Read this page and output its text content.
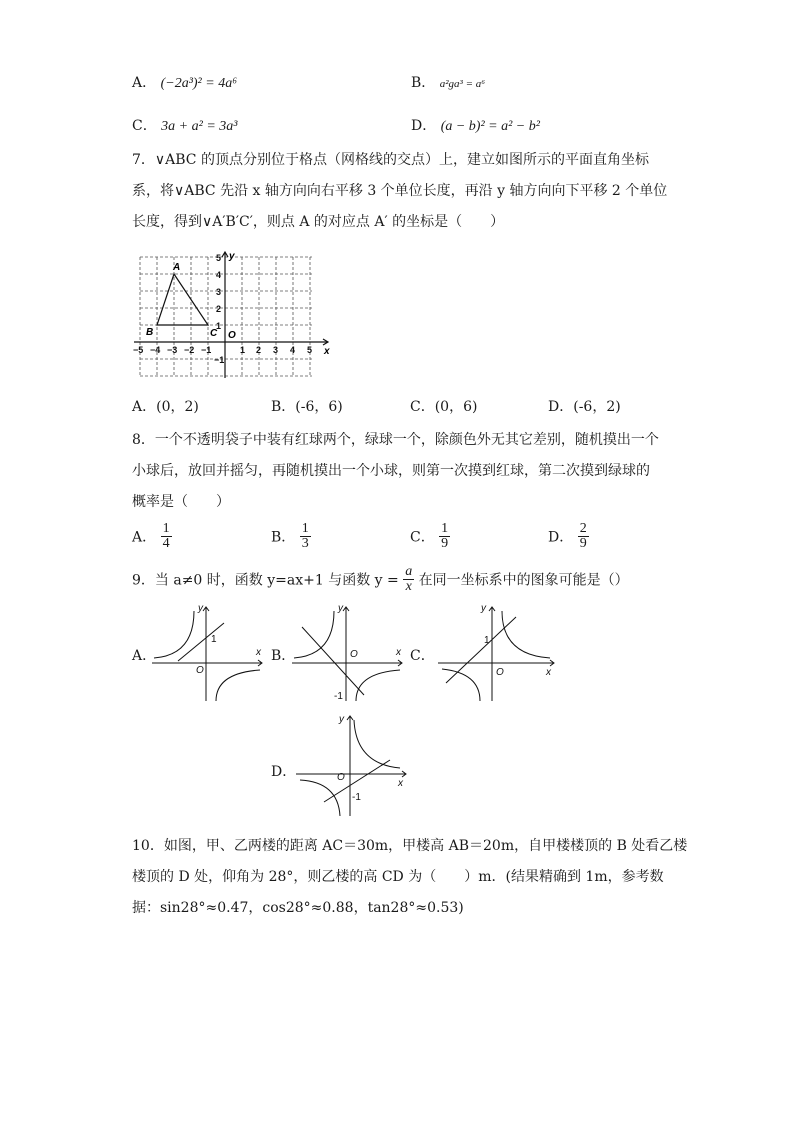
A． (−2a³)² = 4a⁶	B． a²ga³ = a⁶
C． 3a + a² = 3a³	D． (a − b)² = a² − b²
7．∨ABC 的顶点分别位于格点（网格线的交点）上，建立如图所示的平面直角坐标
系，将∨ABC 先沿 x 轴方向向右平移 3 个单位长度，再沿 y 轴方向向下平移 2 个单位
长度，得到∨A′B′C′，则点 A 的对应点 A′ 的坐标是（　　）
y
x
O
A
B	C
−5 −4 −3 −2 −1	1 2 3 4 5
5
4
3
2
1
−1
A．(0，2)	B．(-6，6)	C．(0，6)	D．(-6，2)
8．一个不透明袋子中装有红球两个，绿球一个，除颜色外无其它差别，随机摸出一个
小球后，放回并摇匀，再随机摸出一个小球，则第一次摸到红球，第二次摸到绿球的
概率是（　　）
A． $\frac{1}{4}$	B． $\frac{1}{3}$	C． $\frac{1}{9}$	D． $\frac{2}{9}$
9．当 a≠0 时，函数 y=ax+1 与函数 $y = \frac{a}{x}$ 在同一坐标系中的图象可能是（）
A．
y
x
O
1
B．
y
x
O
-1
C．
y
x
O
1
D．
y
x
O
-1
10．如图，甲、乙两楼的距离 AC＝30m，甲楼高 AB＝20m，自甲楼楼顶的 B 处看乙楼
楼顶的 D 处，仰角为 28°，则乙楼的高 CD 为（　　）m．(结果精确到 1m，参考数
据：sin28°≈0.47，cos28°≈0.88，tan28°≈0.53)
